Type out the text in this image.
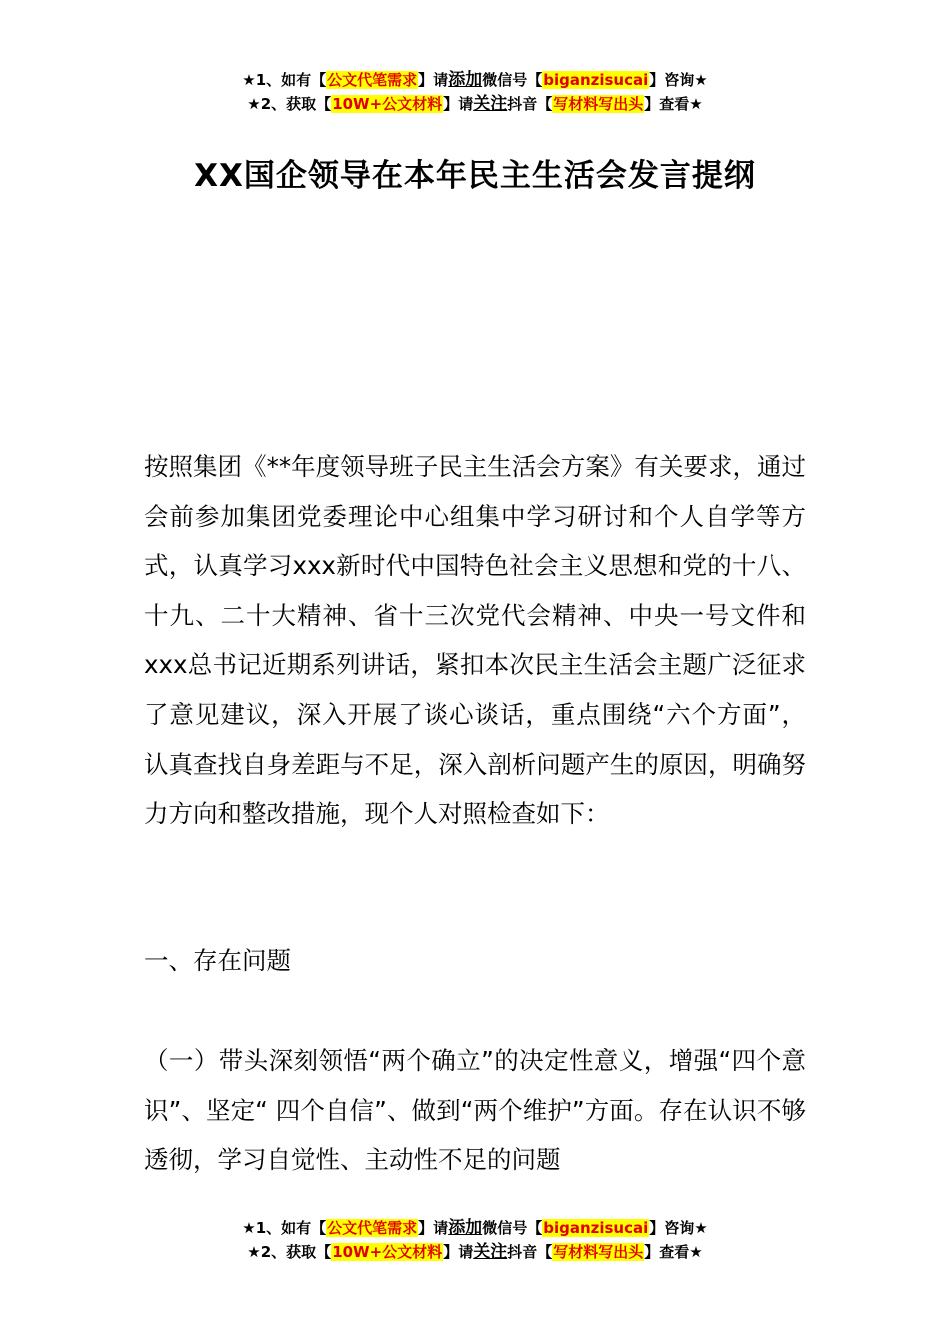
★1、如有【公文代笔需求】请添加微信号【biganzisucai】咨询★
★2、获取【10W+公文材料】请关注抖音【写材料写出头】查看★
XX国企领导在本年民主生活会发言提纲
按照集团《**年度领导班子民主生活会方案》有关要求，通过会前参加集团党委理论中心组集中学习研讨和个人自学等方式，认真学习xxx新时代中国特色社会主义思想和党的十八、十九、二十大精神、省十三次党代会精神、中央一号文件和xxx总书记近期系列讲话，紧扣本次民主生活会主题广泛征求了意见建议，深入开展了谈心谈话，重点围绕“六个方面”，认真查找自身差距与不足，深入剖析问题产生的原因，明确努力方向和整改措施，现个人对照检查如下：
一、存在问题
（一）带头深刻领悟“两个确立”的决定性意义，增强“四个意识”、坚定“ 四个自信”、做到“两个维护”方面。存在认识不够透彻，学习自觉性、主动性不足的问题
★1、如有【公文代笔需求】请添加微信号【biganzisucai】咨询★
★2、获取【10W+公文材料】请关注抖音【写材料写出头】查看★
